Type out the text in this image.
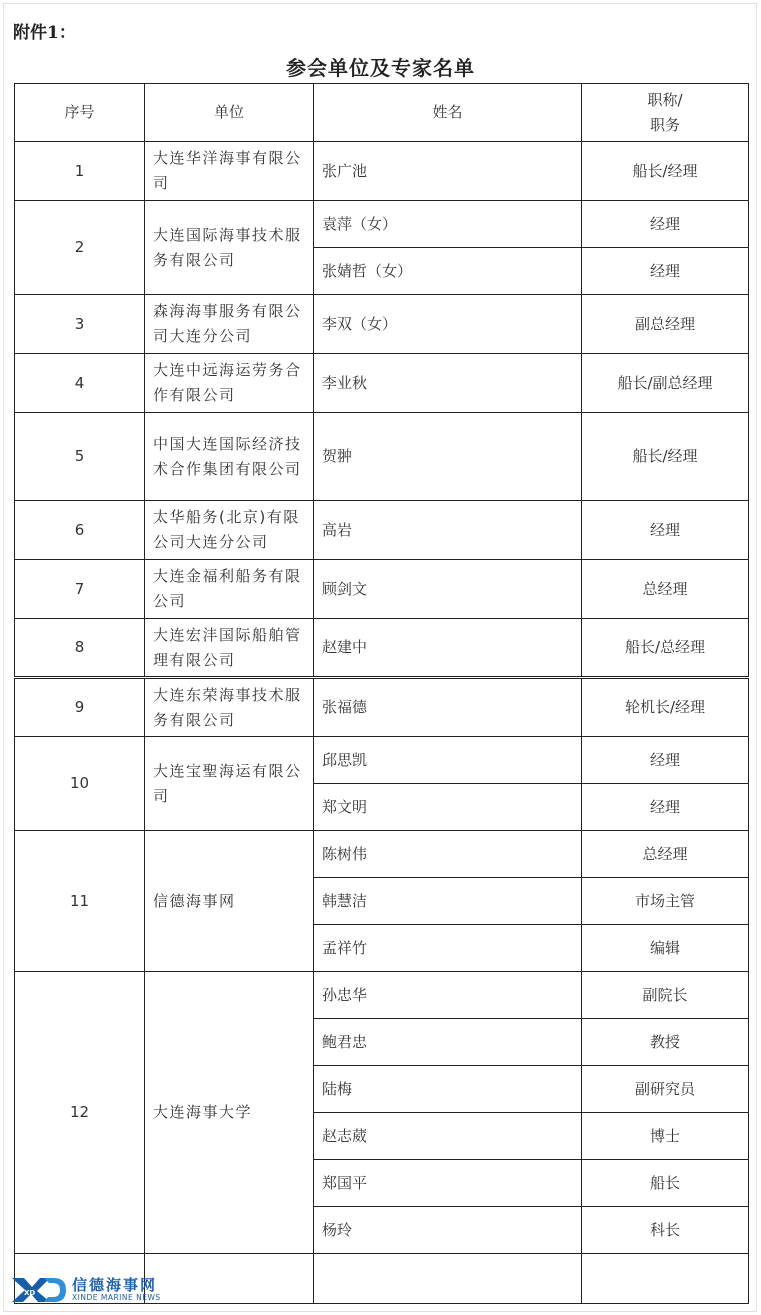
附件1：
参会单位及专家名单
序号	单位	姓名	职称/
职务

1	大连华洋海事有限公司	张广池	船长/经理
2	大连国际海事技术服务有限公司	袁萍（女）	经理
		张婧哲（女）	经理
3	森海海事服务有限公司大连分公司	李双（女）	副总经理
4	大连中远海运劳务合作有限公司	李业秋	船长/副总经理
5	中国大连国际经济技术合作集团有限公司	贺翀	船长/经理
6	太华船务(北京)有限公司大连分公司	高岩	经理
7	大连金福利船务有限公司	顾剑文	总经理
8	大连宏沣国际船舶管理有限公司	赵建中	船长/总经理
9	大连东荣海事技术服务有限公司	张福德	轮机长/经理
10	大连宝聖海运有限公司	邱思凯	经理
		郑文明	经理
11	信德海事网	陈树伟	总经理
		韩慧洁	市场主管
		孟祥竹	编辑
12	大连海事大学	孙忠华	副院长
		鲍君忠	教授
		陆梅	副研究员
		赵志葳	博士
		郑国平	船长
		杨玲	科长

XD 信德海事网
XINDE MARINE NEWS
